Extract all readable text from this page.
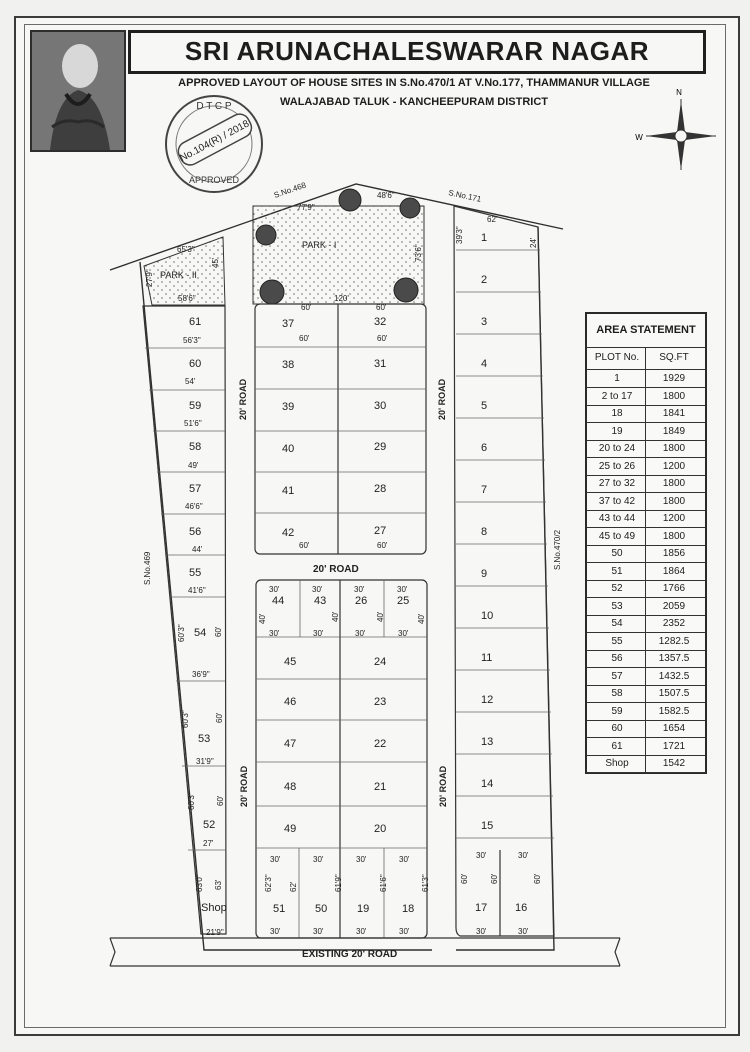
SRI ARUNACHALESWARAR NAGAR
APPROVED LAYOUT OF HOUSE SITES IN S.No.470/1 AT V.No.177, THAMMANUR VILLAGE
WALAJABAD TALUK - KANCHEEPURAM DISTRICT
D T C P
No.104(R) / 2018
APPROVED
N
W
S.No.468	S.No.171
S.No.469	S.No.470/2
77'9"
48'6"
62'
65'3"
27'9"
45'
58'6"	120'
73'6"
39'3"	24'
PARK - I
PARK - II
20' ROAD	20' ROAD
20' ROAD
20' ROAD	20' ROAD
EXISTING 20' ROAD
61
56'3"
60
54'
59
51'6"
58
49'
57
46'6"
56
44'
55
41'6"
54
36'9"
53
31'9"
52
27'
Shop
21'9"
60'3"
60'3"
60'3"
63'0" 63'
60'
60'
60'
37
38
39
40
41
42
32
31
30
29
28
27
44	43	26	25
45
46
47
48
49
24
23
22
21
20
51	50	19	18
1
2
3
4
5
6
7
8
9
10
11
12
13
14
15
17	16
60'	60'
60'	60'
60'	60'
30'	30'	30'	30'
30'	30'	30'	30'
30'	30'	30'	30'
30'	30'	30'	30'
30'	30'
30'	30'
40'	40'	40'	40'
62'3" 62'	61'9"	61'6"	61'3"	60'	60'	60'
AREA STATEMENT
PLOT No.	SQ.FT
1	1929
2 to 17	1800
18	1841
19	1849
20 to 24	1800
25 to 26	1200
27 to 32	1800
37 to 42	1800
43 to 44	1200
45 to 49	1800
50	1856
51	1864
52	1766
53	2059
54	2352
55	1282.5
56	1357.5
57	1432.5
58	1507.5
59	1582.5
60	1654
61	1721
Shop	1542
